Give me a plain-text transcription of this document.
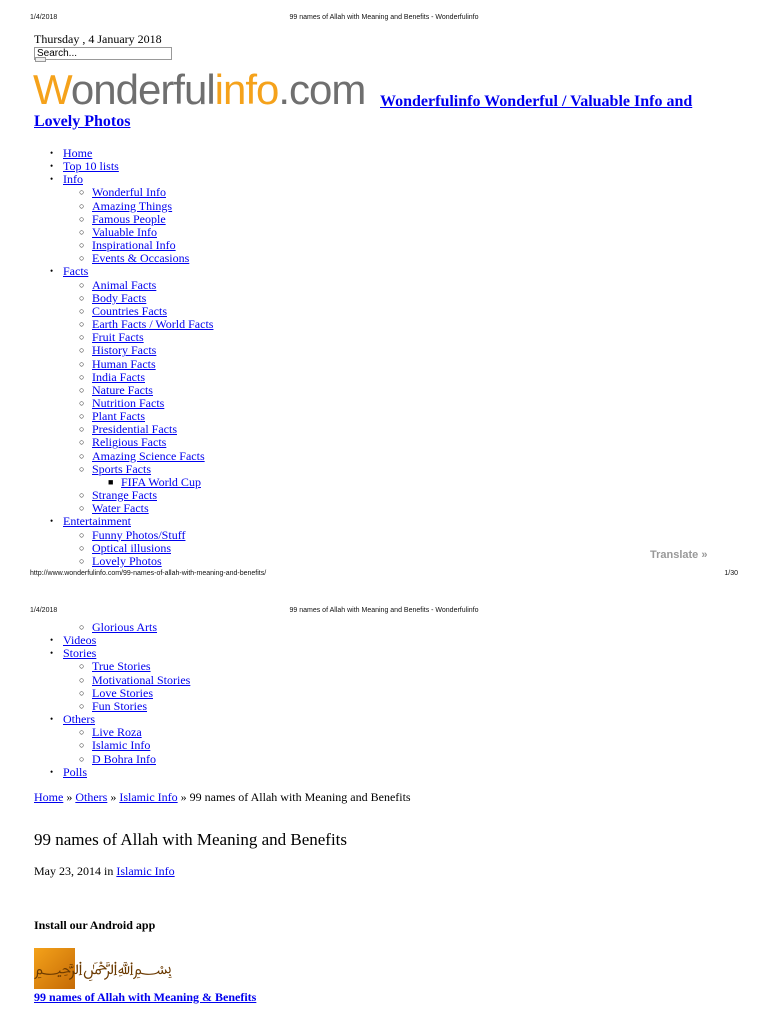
1/4/2018	99 names of Allah with Meaning and Benefits - Wonderfulinfo
Thursday , 4 January 2018
Search...
Wonderfulinfo.com Wonderfulinfo Wonderful / Valuable Info and Lovely Photos
• Home
• Top 10 lists
• Info
○ Wonderful Info
○ Amazing Things
○ Famous People
○ Valuable Info
○ Inspirational Info
○ Events & Occasions
• Facts
○ Animal Facts
○ Body Facts
○ Countries Facts
○ Earth Facts / World Facts
○ Fruit Facts
○ History Facts
○ Human Facts
○ India Facts
○ Nature Facts
○ Nutrition Facts
○ Plant Facts
○ Presidential Facts
○ Religious Facts
○ Amazing Science Facts
○ Sports Facts
■ FIFA World Cup
○ Strange Facts
○ Water Facts
• Entertainment
○ Funny Photos/Stuff
○ Optical illusions
○ Lovely Photos	Translate »
http://www.wonderfulinfo.com/99-names-of-allah-with-meaning-and-benefits/	1/30
1/4/2018	99 names of Allah with Meaning and Benefits - Wonderfulinfo
○ Glorious Arts
• Videos
• Stories
○ True Stories
○ Motivational Stories
○ Love Stories
○ Fun Stories
• Others
○ Live Roza
○ Islamic Info
○ D Bohra Info
• Polls
Home » Others » Islamic Info » 99 names of Allah with Meaning and Benefits
99 names of Allah with Meaning and Benefits
May 23, 2014 in Islamic Info
Install our Android app
﷽
99 names of Allah with Meaning & Benefits
